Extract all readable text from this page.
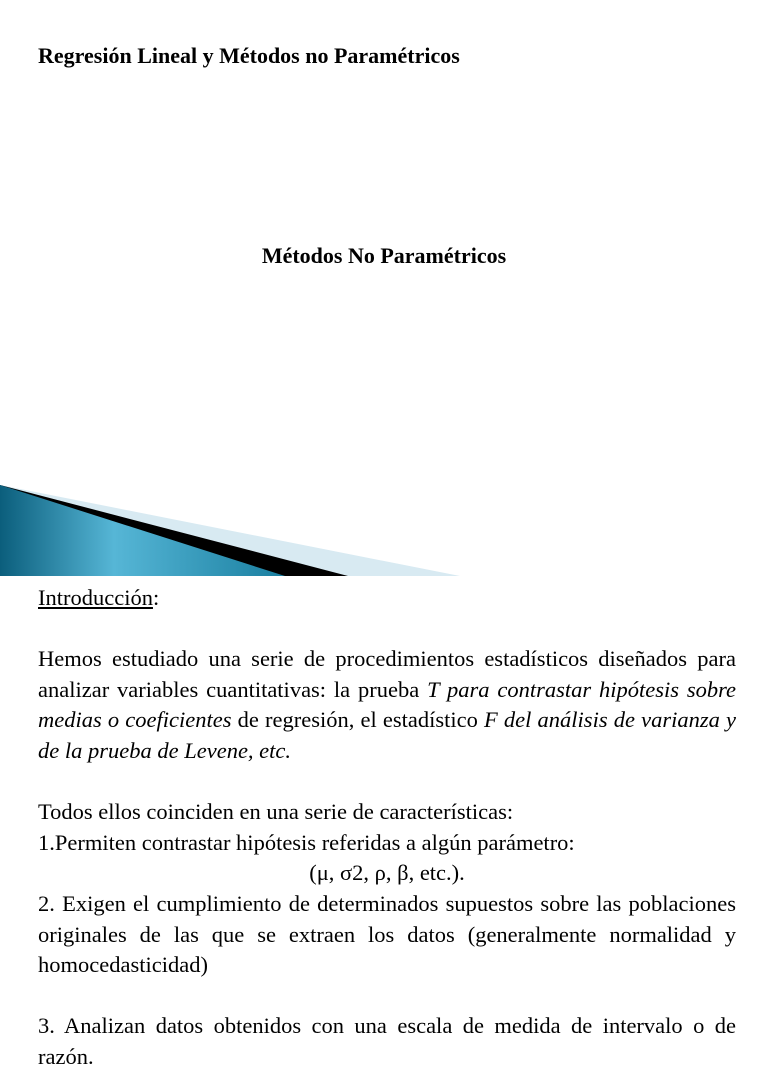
Regresión Lineal y Métodos no Paramétricos
Métodos No Paramétricos

Introducción:

Hemos estudiado una serie de procedimientos estadísticos diseñados para analizar variables cuantitativas: la prueba T para contrastar hipótesis sobre medias o coeficientes de regresión, el estadístico F del análisis de varianza y de la prueba de Levene, etc.

Todos ellos coinciden en una serie de características:

1.Permiten contrastar hipótesis referidas a algún parámetro:

(μ, σ2, ρ, β, etc.).

2. Exigen el cumplimiento de determinados supuestos sobre las poblaciones originales de las que se extraen los datos (generalmente normalidad y homocedasticidad)

3. Analizan datos obtenidos con una escala de medida de intervalo o de razón.
